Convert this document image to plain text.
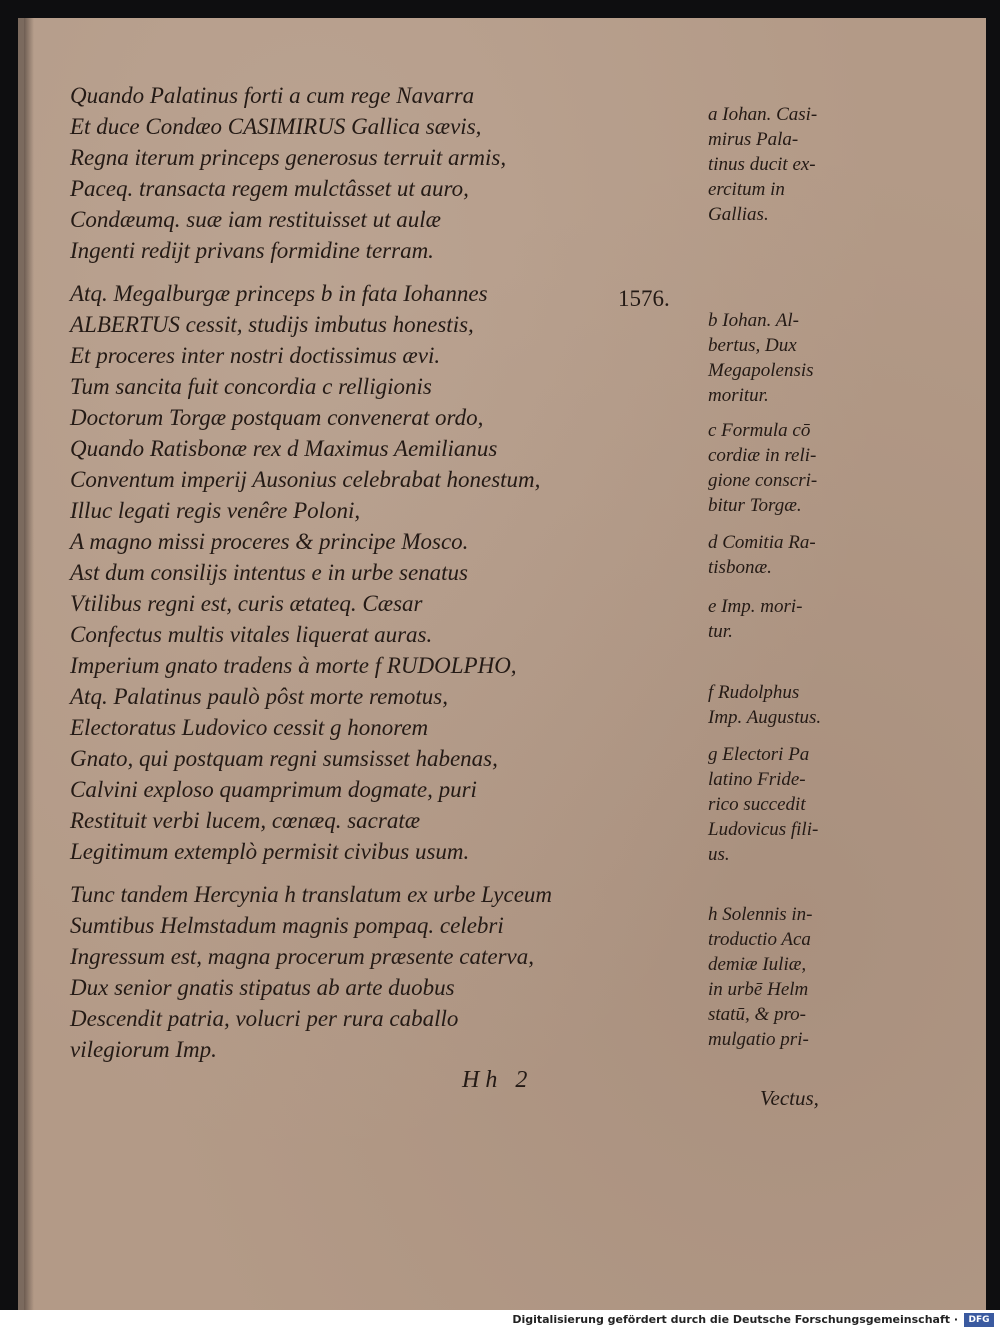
Quando Palatinus forti a cum rege Navarra
Et duce Condæo CASIMIRUS Gallica sævis,
Regna iterum princeps generosus terruit armis,
Paceq. transacta regem mulctâsset ut auro,
Condæumq. suæ iam restituisset ut aulæ
Ingenti redijt privans formidine terram.
Atq. Megalburgæ princeps b in fata Iohannes
ALBERTUS cessit, studijs imbutus honestis,
Et proceres inter nostri doctissimus ævi.
Tum sancita fuit concordia c relligionis
Doctorum Torgæ postquam convenerat ordo,
Quando Ratisbonæ rex d Maximus Aemilianus
Conventum imperij Ausonius celebrabat honestum,
Illuc legati regis venêre Poloni,
A magno missi proceres & principe Mosco.
Ast dum consilijs intentus e in urbe senatus
Vtilibus regni est, curis ætateq. Cæsar
Confectus multis vitales liquerat auras.
Imperium gnato tradens à morte f RUDOLPHO,
Atq. Palatinus paulò pôst morte remotus,
Electoratus Ludovico cessit g honorem
Gnato, qui postquam regni sumsisset habenas,
Calvini exploso quamprimum dogmate, puri
Restituit verbi lucem, cœnæq. sacratæ
Legitimum extemplò permisit civibus usum.
Tunc tandem Hercynia h translatum ex urbe Lyceum
Sumtibus Helmstadum magnis pompaq. celebri
Ingressum est, magna procerum præsente caterva,
Dux senior gnatis stipatus ab arte duobus
Descendit patria, volucri per rura caballo
vilegiorum Imp.
1576.
a Iohan. Casi-
mirus Pala-
tinus ducit ex-
ercitum in
Gallias.
b Iohan. Al-
bertus, Dux
Megapolensis
moritur.
c Formula cō
cordiæ in reli-
gione conscri-
bitur Torgæ.
d Comitia Ra-
tisbonæ.
e Imp. mori-
tur.
f Rudolphus
Imp. Augustus.
g Electori Pa
latino Fride-
rico succedit
Ludovicus fili-
us.
h Solennis in-
troductio Aca
demiæ Iuliæ,
in urbē Helm
statū, & pro-
mulgatio pri-
Hh 2
Vectus,
Digitalisierung gefördert durch die Deutsche Forschungsgemeinschaft ·	DFG
